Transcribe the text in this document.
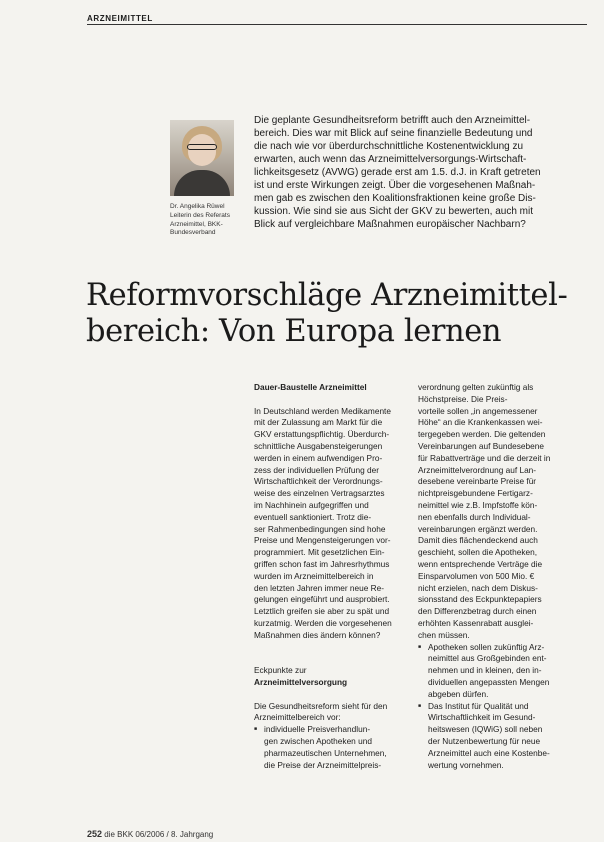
ARZNEIMITTEL
Dr. Angelika Rüwel
Leiterin des Referats
Arzneimittel, BKK-
Bundesverband
Die geplante Gesundheitsreform betrifft auch den Arzneimittel-
bereich. Dies war mit Blick auf seine finanzielle Bedeutung und
die nach wie vor überdurchschnittliche Kostenentwicklung zu
erwarten, auch wenn das Arzneimittelversorgungs-Wirtschaft-
lichkeitsgesetz (AVWG) gerade erst am 1.5. d.J. in Kraft getreten
ist und erste Wirkungen zeigt. Über die vorgesehenen Maßnah-
men gab es zwischen den Koalitionsfraktionen keine große Dis-
kussion. Wie sind sie aus Sicht der GKV zu bewerten, auch mit
Blick auf vergleichbare Maßnahmen europäischer Nachbarn?
Reformvorschläge Arzneimittel-
bereich: Von Europa lernen
Dauer-Baustelle Arzneimittel
In Deutschland werden Medikamente
mit der Zulassung am Markt für die
GKV erstattungspflichtig. Überdurch-
schnittliche Ausgabensteigerungen
werden in einem aufwendigen Pro-
zess der individuellen Prüfung der
Wirtschaftlichkeit der Verordnungs-
weise des einzelnen Vertragsarztes
im Nachhinein aufgegriffen und
eventuell sanktioniert. Trotz die-
ser Rahmenbedingungen sind hohe
Preise und Mengensteigerungen vor-
programmiert. Mit gesetzlichen Ein-
griffen schon fast im Jahresrhythmus
wurden im Arzneimittelbereich in
den letzten Jahren immer neue Re-
gelungen eingeführt und ausprobiert.
Letztlich greifen sie aber zu spät und
kurzatmig. Werden die vorgesehenen
Maßnahmen dies ändern können?
Eckpunkte zur
Arzneimittelversorgung
Die Gesundheitsreform sieht für den
Arzneimittelbereich vor:
■ individuelle Preisverhandlun-
gen zwischen Apotheken und
pharmazeutischen Unternehmen,
die Preise der Arzneimittelpreis-
verordnung gelten zukünftig als
Höchstpreise. Die Preis-
vorteile sollen „in angemessener
Höhe“ an die Krankenkassen wei-
tergegeben werden. Die geltenden
Vereinbarungen auf Bundesebene
für Rabattverträge und die derzeit in
Arzneimittelverordnung auf Lan-
desebene vereinbarte Preise für
nichtpreisgebundene Fertigarz-
neimittel wie z.B. Impfstoffe kön-
nen ebenfalls durch Individual-
vereinbarungen ergänzt werden.
Damit dies flächendeckend auch
geschieht, sollen die Apotheken,
wenn entsprechende Verträge die
Einsparvolumen von 500 Mio. €
nicht erzielen, nach dem Diskus-
sionsstand des Eckpunktepapiers
den Differenzbetrag durch einen
erhöhten Kassenrabatt ausglei-
chen müssen.
■ Apotheken sollen zukünftig Arz-
neimittel aus Großgebinden ent-
nehmen und in kleinen, den in-
dividuellen angepassten Mengen
abgeben dürfen.
■ Das Institut für Qualität und
Wirtschaftlichkeit im Gesund-
heitswesen (IQWiG) soll neben
der Nutzenbewertung für neue
Arzneimittel auch eine Kostenbe-
wertung vornehmen.
252 die BKK 06/2006 / 8. Jahrgang
